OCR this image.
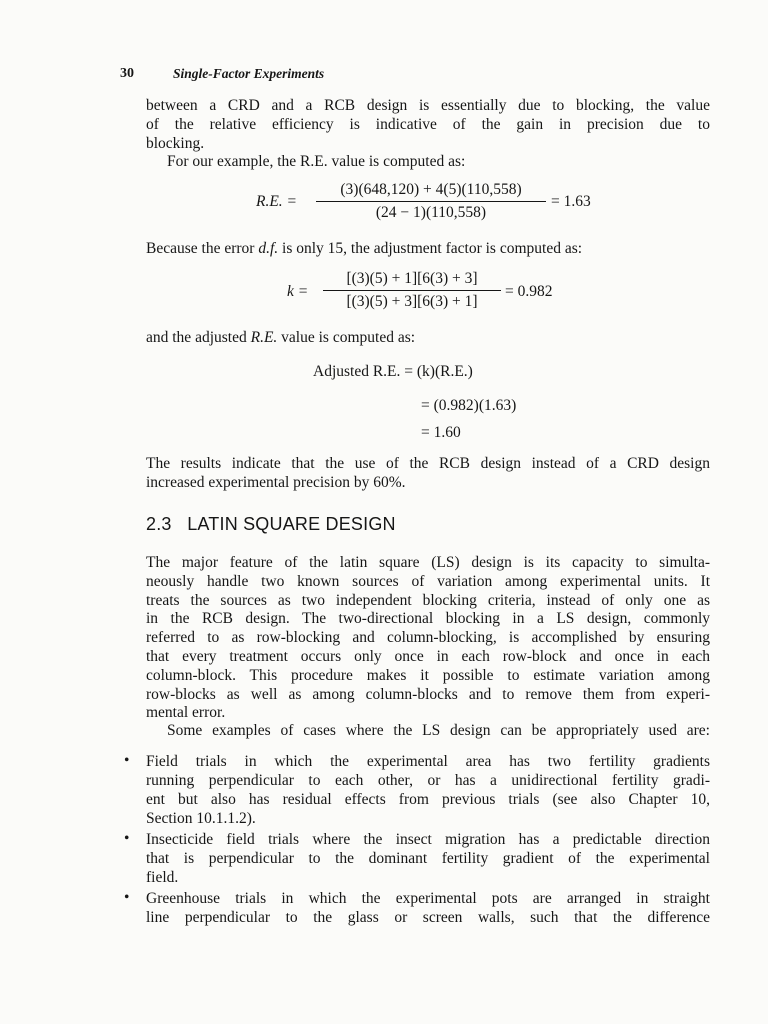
30	Single-Factor Experiments
between a CRD and a RCB design is essentially due to blocking, the value
of the relative efficiency is indicative of the gain in precision due to
blocking.
For our example, the R.E. value is computed as:
R.E. =
(3)(648,120) + 4(5)(110,558)
(24 − 1)(110,558)
= 1.63
Because the error d.f. is only 15, the adjustment factor is computed as:
k =
[(3)(5) + 1][6(3) + 3]
[(3)(5) + 3][6(3) + 1]
= 0.982
and the adjusted R.E. value is computed as:
Adjusted R.E. = (k)(R.E.)
= (0.982)(1.63)
= 1.60
The results indicate that the use of the RCB design instead of a CRD design
increased experimental precision by 60%.
2.3   LATIN SQUARE DESIGN
The major feature of the latin square (LS) design is its capacity to simulta-
neously handle two known sources of variation among experimental units. It
treats the sources as two independent blocking criteria, instead of only one as
in the RCB design. The two-directional blocking in a LS design, commonly
referred to as row-blocking and column-blocking, is accomplished by ensuring
that every treatment occurs only once in each row-block and once in each
column-block. This procedure makes it possible to estimate variation among
row-blocks as well as among column-blocks and to remove them from experi-
mental error.
Some examples of cases where the LS design can be appropriately used are:
• Field trials in which the experimental area has two fertility gradients
running perpendicular to each other, or has a unidirectional fertility gradi-
ent but also has residual effects from previous trials (see also Chapter 10,
Section 10.1.1.2).
• Insecticide field trials where the insect migration has a predictable direction
that is perpendicular to the dominant fertility gradient of the experimental
field.
• Greenhouse trials in which the experimental pots are arranged in straight
line perpendicular to the glass or screen walls, such that the difference
